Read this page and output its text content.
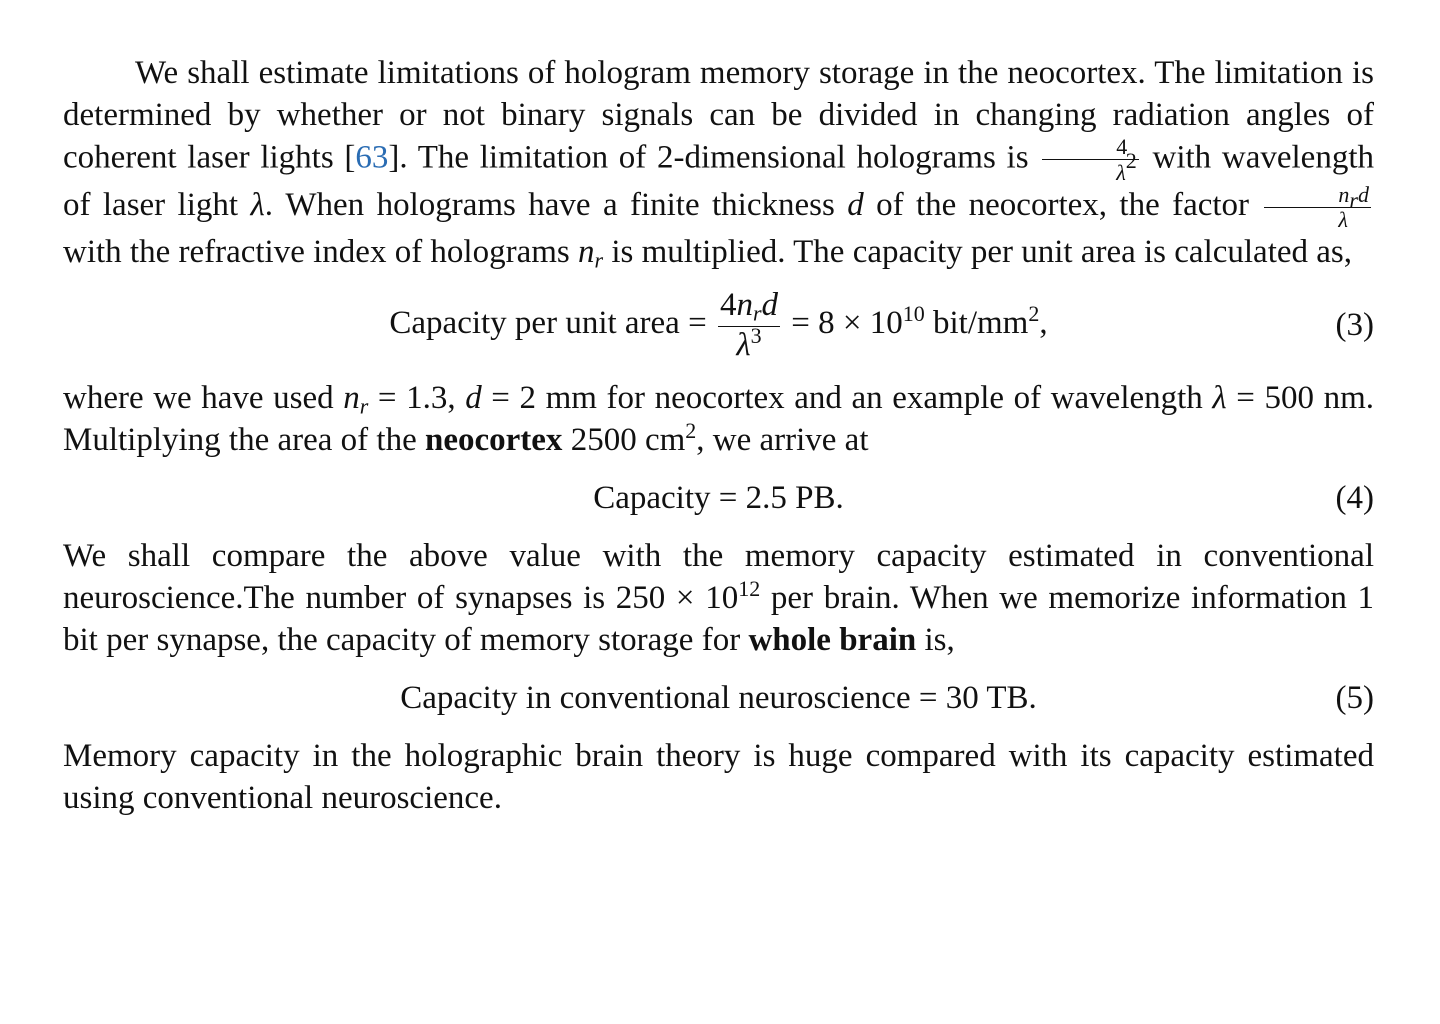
We shall estimate limitations of hologram memory storage in the neocortex. The limitation is determined by whether or not binary signals can be divided in changing radiation angles of coherent laser lights [63]. The limitation of 2-dimensional holograms is $\frac{4}{\lambda^2}$ with wavelength of laser light λ. When holograms have a finite thickness d of the neocortex, the factor $\frac{n_rd}{\lambda}$
with the refractive index of holograms $n_r$ is multiplied. The capacity per unit area is calculated as,

Capacity per unit area = $\frac{4n_rd}{\lambda^3} = 8 \times 10^{10}$ bit/$mm^2$,	(3)

where we have used $n_r = 1.3$, d = 2 mm for neocortex and an example of wavelength λ = 500 nm. Multiplying the area of the neocortex 2500 $cm^2$, we arrive at

Capacity = 2.5 PB.	(4)

We shall compare the above value with the memory capacity estimated in conventional neuroscience.The number of synapses is $250 \times 10^{12}$ per brain. When we memorize information 1 bit per synapse, the capacity of memory storage for whole brain is,

Capacity in conventional neuroscience = 30 TB.	(5)

Memory capacity in the holographic brain theory is huge compared with its capacity estimated using conventional neuroscience.
